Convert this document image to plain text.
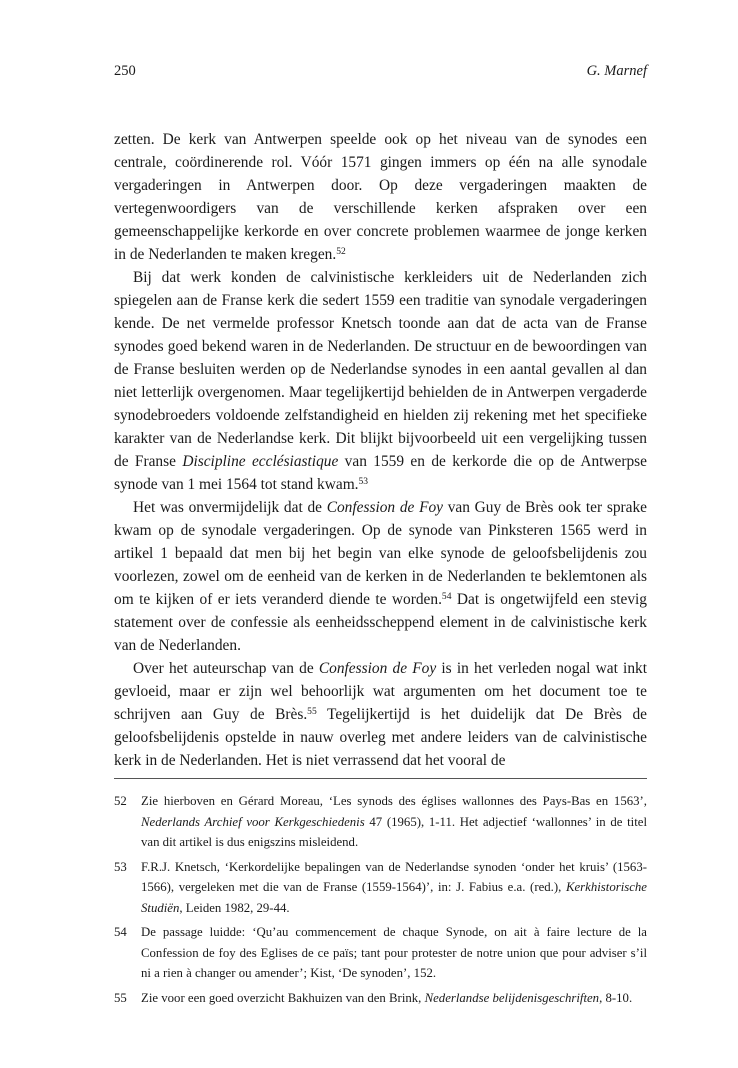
250	G. Marnef

zetten. De kerk van Antwerpen speelde ook op het niveau van de synodes een centrale, coördinerende rol. Vóór 1571 gingen immers op één na alle synodale vergaderingen in Antwerpen door. Op deze vergaderingen maakten de vertegenwoordigers van de verschillende kerken afspraken over een gemeenschappelijke kerkorde en over concrete problemen waarmee de jonge kerken in de Nederlanden te maken kregen.$^{52}$

Bij dat werk konden de calvinistische kerkleiders uit de Nederlanden zich spiegelen aan de Franse kerk die sedert 1559 een traditie van synodale vergaderingen kende. De net vermelde professor Knetsch toonde aan dat de acta van de Franse synodes goed bekend waren in de Nederlanden. De structuur en de bewoordingen van de Franse besluiten werden op de Nederlandse synodes in een aantal gevallen al dan niet letterlijk overgenomen. Maar tegelijkertijd behielden de in Antwerpen vergaderde synodebroeders voldoende zelfstandigheid en hielden zij rekening met het specifieke karakter van de Nederlandse kerk. Dit blijkt bijvoorbeeld uit een vergelijking tussen de Franse Discipline ecclésiastique van 1559 en de kerkorde die op de Antwerpse synode van 1 mei 1564 tot stand kwam.$^{53}$

Het was onvermijdelijk dat de Confession de Foy van Guy de Brès ook ter sprake kwam op de synodale vergaderingen. Op de synode van Pinksteren 1565 werd in artikel 1 bepaald dat men bij het begin van elke synode de geloofsbelijdenis zou voorlezen, zowel om de eenheid van de kerken in de Nederlanden te beklemtonen als om te kijken of er iets veranderd diende te worden.$^{54}$ Dat is ongetwijfeld een stevig statement over de confessie als eenheidsscheppend element in de calvinistische kerk van de Nederlanden.

Over het auteurschap van de Confession de Foy is in het verleden nogal wat inkt gevloeid, maar er zijn wel behoorlijk wat argumenten om het document toe te schrijven aan Guy de Brès.$^{55}$ Tegelijkertijd is het duidelijk dat De Brès de geloofsbelijdenis opstelde in nauw overleg met andere leiders van de calvinistische kerk in de Nederlanden. Het is niet verrassend dat het vooral de

52	Zie hierboven en Gérard Moreau, ‘Les synods des églises wallonnes des Pays-Bas en 1563’, Nederlands Archief voor Kerkgeschiedenis 47 (1965), 1-11. Het adjectief ‘wallonnes’ in de titel van dit artikel is dus enigszins misleidend.
53	F.R.J. Knetsch, ‘Kerkordelijke bepalingen van de Nederlandse synoden ‘onder het kruis’ (1563-1566), vergeleken met die van de Franse (1559-1564)’, in: J. Fabius e.a. (red.), Kerkhistorische Studiën, Leiden 1982, 29-44.
54	De passage luidde: ‘Qu’au commencement de chaque Synode, on ait à faire lecture de la Confession de foy des Eglises de ce païs; tant pour protester de notre union que pour adviser s’il ni a rien à changer ou amender’; Kist, ‘De synoden’, 152.
55	Zie voor een goed overzicht Bakhuizen van den Brink, Nederlandse belijdenisgeschriften, 8-10.
